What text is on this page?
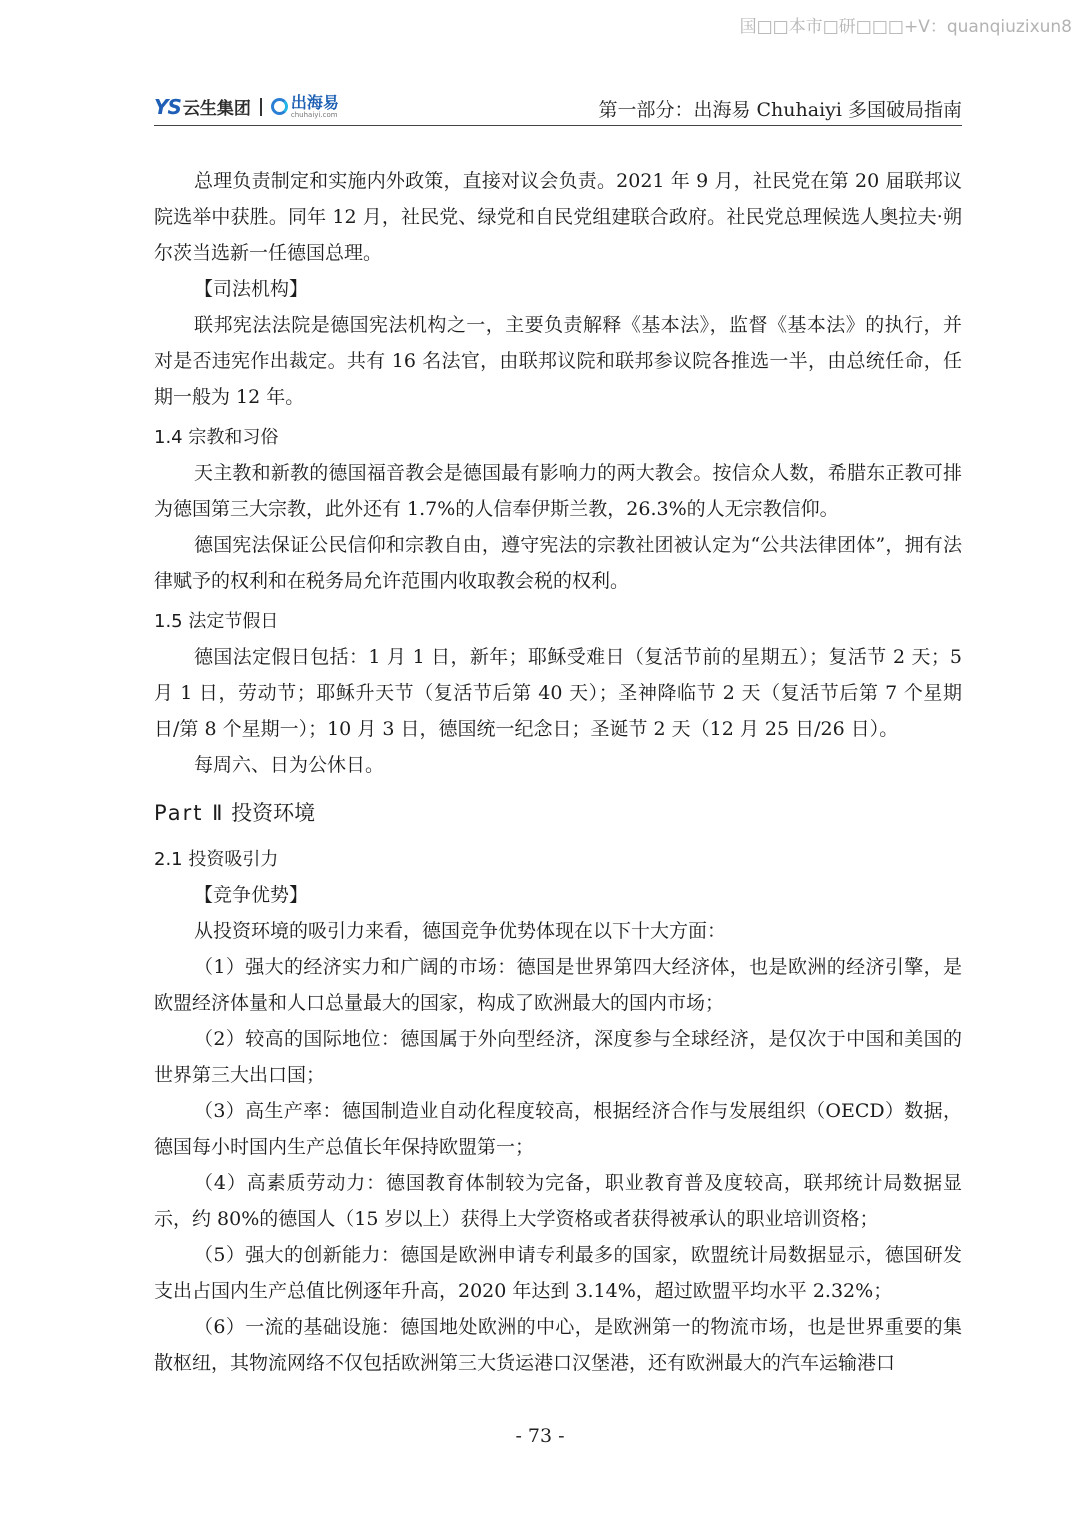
国□□本市□研□□□+V：quanqiuzixun8
YS 云生集团	出海易
chuhaiyi.com	第一部分：出海易 Chuhaiyi 多国破局指南

总理负责制定和实施内外政策，直接对议会负责。2021 年 9 月，社民党在第 20 届联邦议院选举中获胜。同年 12 月，社民党、绿党和自民党组建联合政府。社民党总理候选人奥拉夫·朔尔茨当选新一任德国总理。

【司法机构】

联邦宪法法院是德国宪法机构之一，主要负责解释《基本法》，监督《基本法》的执行，并对是否违宪作出裁定。共有 16 名法官，由联邦议院和联邦参议院各推选一半，由总统任命，任期一般为 12 年。

1.4 宗教和习俗

天主教和新教的德国福音教会是德国最有影响力的两大教会。按信众人数，希腊东正教可排为德国第三大宗教，此外还有 1.7%的人信奉伊斯兰教，26.3%的人无宗教信仰。

德国宪法保证公民信仰和宗教自由，遵守宪法的宗教社团被认定为“公共法律团体”，拥有法律赋予的权利和在税务局允许范围内收取教会税的权利。

1.5 法定节假日

德国法定假日包括：1 月 1 日，新年；耶稣受难日（复活节前的星期五）；复活节 2 天；5 月 1 日，劳动节；耶稣升天节（复活节后第 40 天）；圣神降临节 2 天（复活节后第 7 个星期日/第 8 个星期一）；10 月 3 日，德国统一纪念日；圣诞节 2 天（12 月 25 日/26 日）。

每周六、日为公休日。

Part Ⅱ 投资环境
2.1 投资吸引力

【竞争优势】

从投资环境的吸引力来看，德国竞争优势体现在以下十大方面：

（1）强大的经济实力和广阔的市场：德国是世界第四大经济体，也是欧洲的经济引擎，是欧盟经济体量和人口总量最大的国家，构成了欧洲最大的国内市场；

（2）较高的国际地位：德国属于外向型经济，深度参与全球经济，是仅次于中国和美国的世界第三大出口国；

（3）高生产率：德国制造业自动化程度较高，根据经济合作与发展组织（OECD）数据，德国每小时国内生产总值长年保持欧盟第一；

（4）高素质劳动力：德国教育体制较为完备，职业教育普及度较高，联邦统计局数据显示，约 80%的德国人（15 岁以上）获得上大学资格或者获得被承认的职业培训资格；

（5）强大的创新能力：德国是欧洲申请专利最多的国家，欧盟统计局数据显示，德国研发支出占国内生产总值比例逐年升高，2020 年达到 3.14%，超过欧盟平均水平 2.32%；

（6）一流的基础设施：德国地处欧洲的中心，是欧洲第一的物流市场，也是世界重要的集散枢纽，其物流网络不仅包括欧洲第三大货运港口汉堡港，还有欧洲最大的汽车运输港口

- 73 -
